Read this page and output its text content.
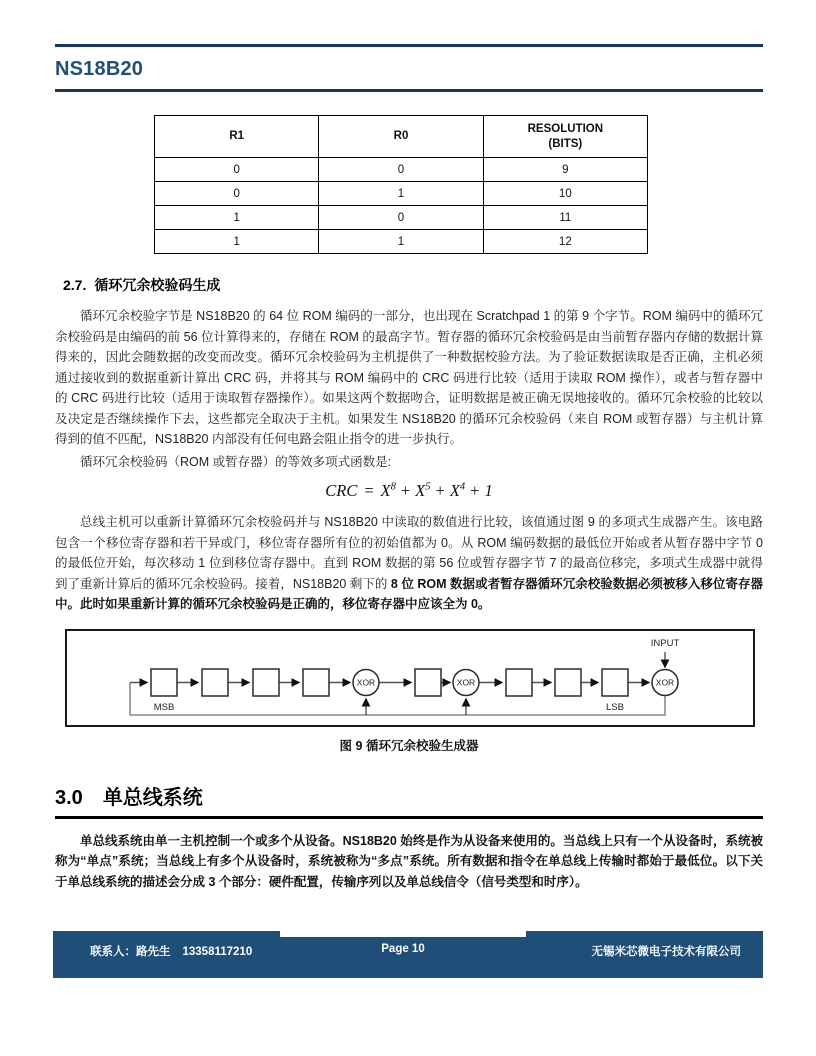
NS18B20
R1	R0	RESOLUTION
(BITS)
0	0	9
0	1	10
1	0	11
1	1	12
2.7. 循环冗余校验码生成

循环冗余校验字节是 NS18B20 的 64 位 ROM 编码的一部分，也出现在 Scratchpad 1 的第 9 个字节。ROM 编码中的循环冗余校验码是由编码的前 56 位计算得来的，存储在 ROM 的最高字节。暂存器的循环冗余校验码是由当前暂存器内存储的数据计算得来的，因此会随数据的改变而改变。循环冗余校验码为主机提供了一种数据校验方法。为了验证数据读取是否正确，主机必须通过接收到的数据重新计算出 CRC 码，并将其与 ROM 编码中的 CRC 码进行比较（适用于读取 ROM 操作），或者与暂存器中的 CRC 码进行比较（适用于读取暂存器操作）。如果这两个数据吻合，证明数据是被正确无误地接收的。循环冗余校验的比较以及决定是否继续操作下去，这些都完全取决于主机。如果发生 NS18B20 的循环冗余校验码（来自 ROM 或暂存器）与主机计算得到的值不匹配，NS18B20 内部没有任何电路会阻止指令的进一步执行。

循环冗余校验码（ROM 或暂存器）的等效多项式函数是:

CRC = $X^8 + X^5 + X^4 + 1$

总线主机可以重新计算循环冗余校验码并与 NS18B20 中读取的数值进行比较，该值通过图 9 的多项式生成器产生。该电路包含一个移位寄存器和若干异或门，移位寄存器所有位的初始值都为 0。从 ROM 编码数据的最低位开始或者从暂存器中字节 0 的最低位开始，每次移动 1 位到移位寄存器中。直到 ROM 数据的第 56 位或暂存器字节 7 的最高位移完，多项式生成器中就得到了重新计算后的循环冗余校验码。接着，NS18B20 剩下的 8 位 ROM 数据或者暂存器循环冗余校验数据必须被移入移位寄存器中。此时如果重新计算的循环冗余校验码是正确的，移位寄存器中应该全为 0。

INPUT
XOR	XOR	XOR
MSB	LSB
图 9 循环冗余校验生成器
3.0 单总线系统

单总线系统由单一主机控制一个或多个从设备。NS18B20 始终是作为从设备来使用的。当总线上只有一个从设备时，系统被称为“单点”系统；当总线上有多个从设备时，系统被称为“多点”系统。所有数据和指令在单总线上传输时都始于最低位。以下关于单总线系统的描述会分成 3 个部分：硬件配置，传输序列以及单总线信令（信号类型和时序）。

联系人：路先生 13358117210	Page 10	无锡米芯微电子技术有限公司
